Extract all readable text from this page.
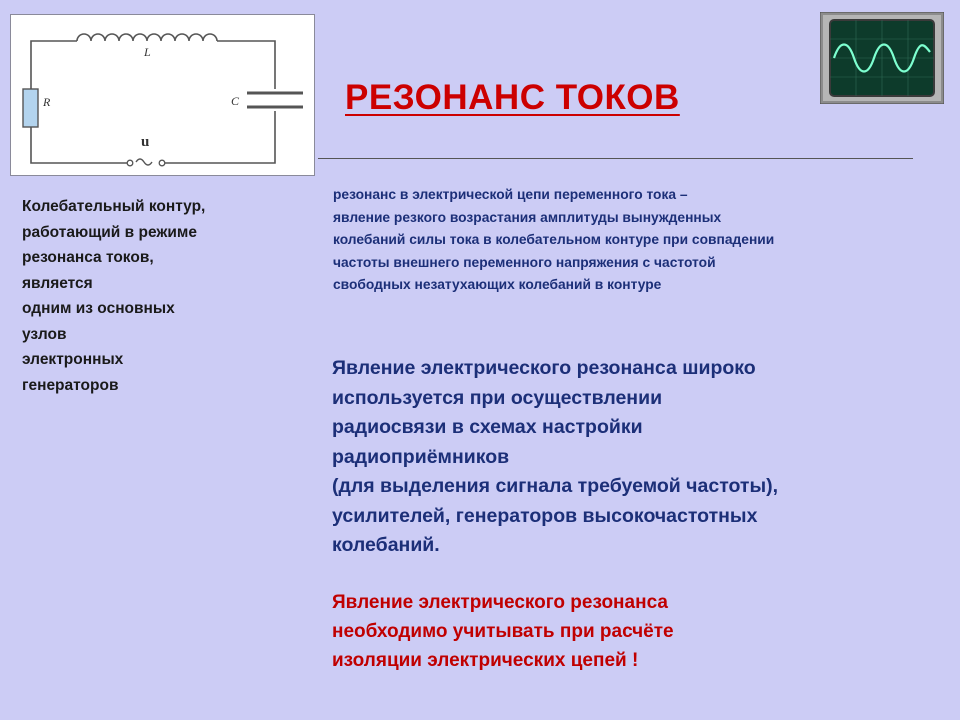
L
R	C
u
РЕЗОНАНС ТОКОВ
Колебательный контур,
работающий в режиме
резонанса токов,
является
одним из основных
узлов
электронных
генераторов
резонанс в электрической цепи переменного тока –
явление резкого возрастания амплитуды вынужденных
колебаний силы тока в колебательном контуре при совпадении
частоты внешнего переменного напряжения с частотой
свободных незатухающих колебаний в контуре
Явление электрического резонанса широко
используется при осуществлении
радиосвязи в схемах настройки
радиоприёмников
(для выделения сигнала требуемой частоты),
усилителей, генераторов высокочастотных
колебаний.
Явление электрического резонанса
необходимо учитывать при расчёте
изоляции электрических цепей !
